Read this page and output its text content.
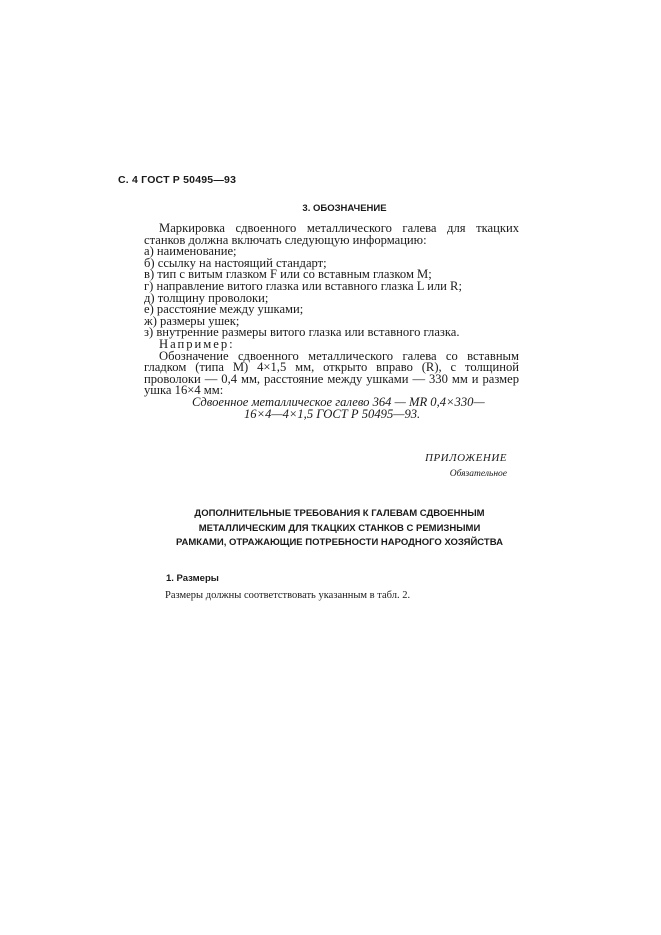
С. 4 ГОСТ Р 50495—93
3. ОБОЗНАЧЕНИЕ

Маркировка сдвоенного металлического галева для ткацких станков должна включать следующую информацию:

а) наименование;

б) ссылку на настоящий стандарт;

в) тип с витым глазком F или со вставным глазком M;

г) направление витого глазка или вставного глазка L или R;

д) толщину проволоки;

е) расстояние между ушками;

ж) размеры ушек;

з) внутренние размеры витого глазка или вставного глазка.

Например:

Обозначение сдвоенного металлического галева со вставным гладком (типа M) 4×1,5 мм, открыто вправо (R), с толщиной проволоки — 0,4 мм, расстояние между ушками — 330 мм и размер ушка 16×4 мм:

Сдвоенное металлическое галево 364 — MR 0,4×330—

16×4—4×1,5 ГОСТ Р 50495—93.

ПРИЛОЖЕНИЕ
Обязательное
ДОПОЛНИТЕЛЬНЫЕ ТРЕБОВАНИЯ К ГАЛЕВАМ СДВОЕННЫМ
МЕТАЛЛИЧЕСКИМ ДЛЯ ТКАЦКИХ СТАНКОВ С РЕМИЗНЫМИ
РАМКАМИ, ОТРАЖАЮЩИЕ ПОТРЕБНОСТИ НАРОДНОГО ХОЗЯЙСТВА
1. Размеры
Размеры должны соответствовать указанным в табл. 2.
